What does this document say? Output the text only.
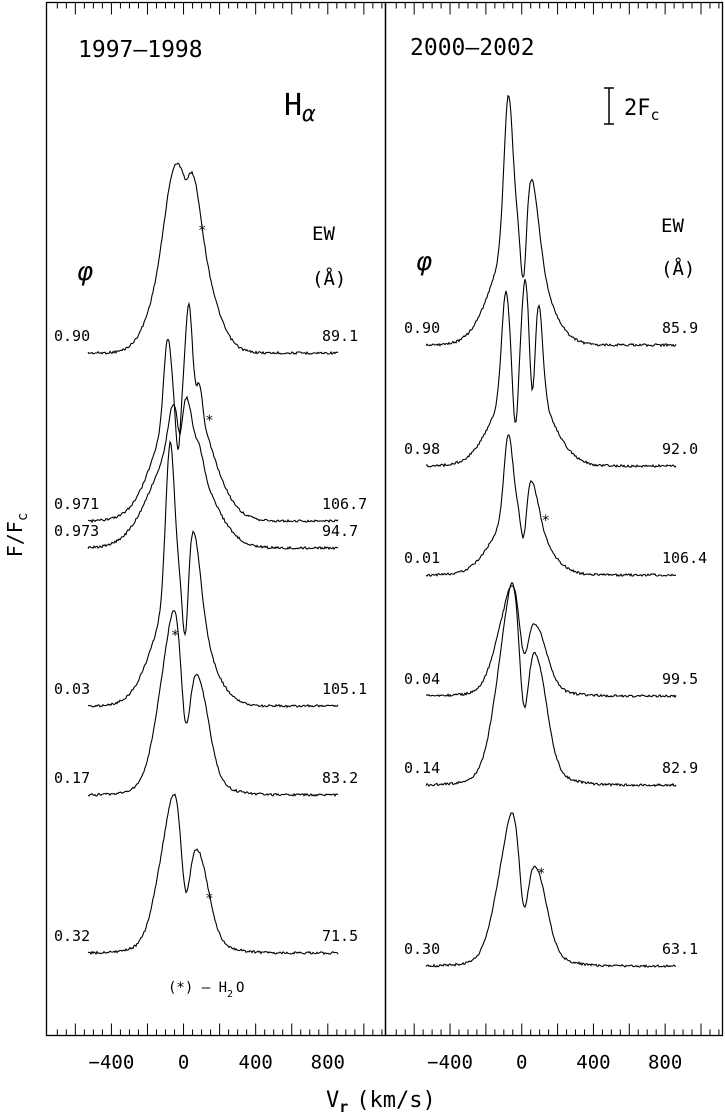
1997–1998
$H_\alpha$
φ
EW
(Å)
0.90	89.1
*
0.971	106.7
*
0.973	94.7
0.03	105.1
0.17	83.2
*
0.32	71.5
*
−400 0	400 800
(*) – $H_2$ O
2000–2002
$2F_c$
φ
EW
(Å)
0.90	85.9
0.98	92.0
0.01	106.4
*
0.04	99.5
0.14	82.9
0.30	63.1
*
−400 0	400 800
$F/F_c$
$V_r$ (km/s)
